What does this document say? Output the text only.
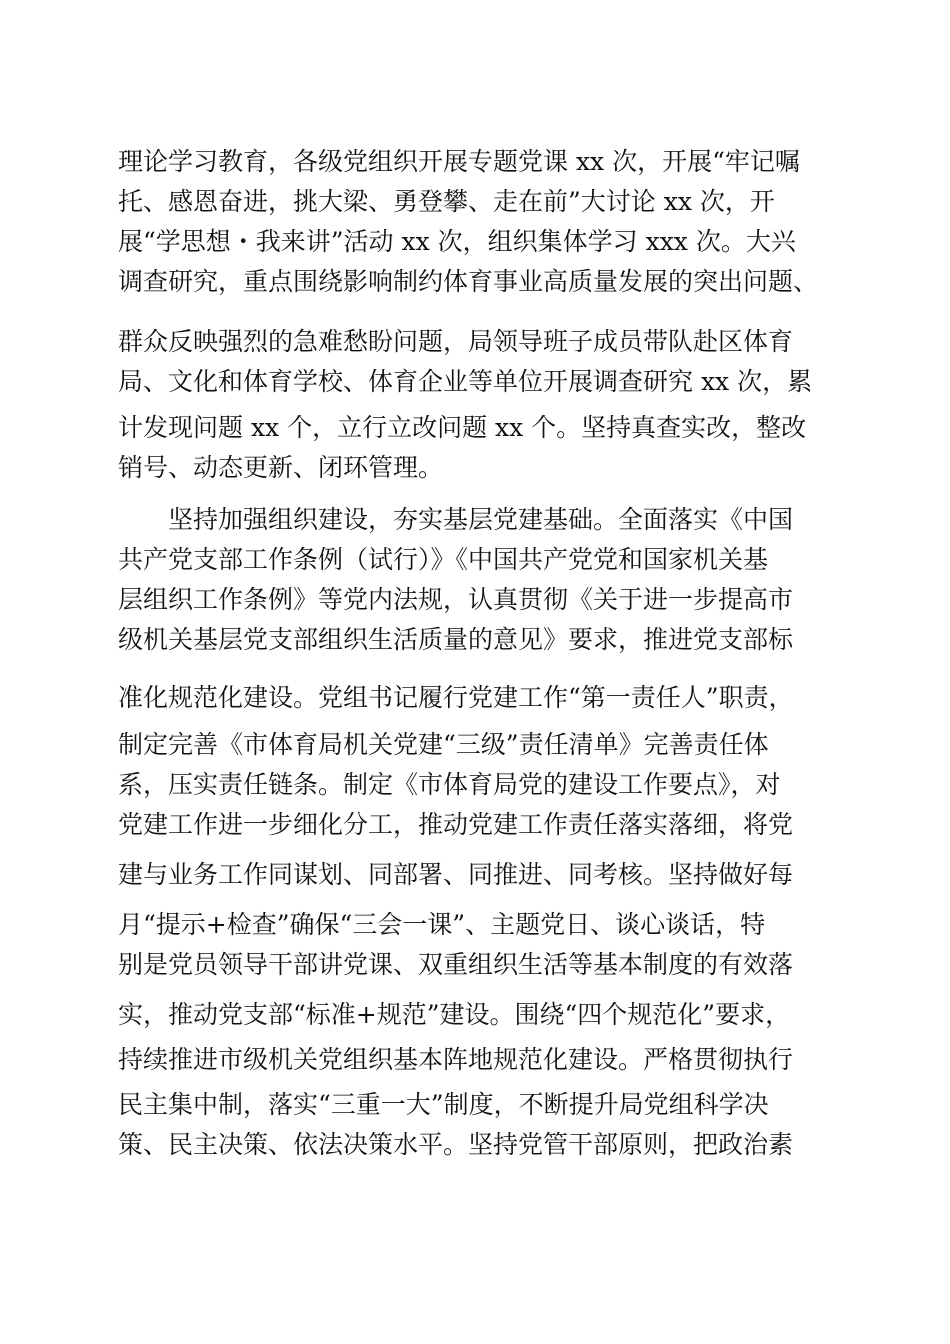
理论学习教育，各级党组织开展专题党课 xx 次，开展“牢记嘱
托、感恩奋进，挑大梁、勇登攀、走在前”大讨论 xx 次，开
展“学思想・我来讲”活动 xx 次，组织集体学习 xxx 次。大兴
调查研究，重点围绕影响制约体育事业高质量发展的突出问题、
群众反映强烈的急难愁盼问题，局领导班子成员带队赴区体育
局、文化和体育学校、体育企业等单位开展调查研究 xx 次，累
计发现问题 xx 个，立行立改问题 xx 个。坚持真查实改，整改
销号、动态更新、闭环管理。
坚持加强组织建设，夯实基层党建基础。全面落实《中国
共产党支部工作条例（试行）》《中国共产党党和国家机关基
层组织工作条例》等党内法规，认真贯彻《关于进一步提高市
级机关基层党支部组织生活质量的意见》要求，推进党支部标
准化规范化建设。党组书记履行党建工作“第一责任人”职责，
制定完善《市体育局机关党建“三级”责任清单》完善责任体
系，压实责任链条。制定《市体育局党的建设工作要点》，对
党建工作进一步细化分工，推动党建工作责任落实落细，将党
建与业务工作同谋划、同部署、同推进、同考核。坚持做好每
月“提示+检查”确保“三会一课”、主题党日、谈心谈话，特
别是党员领导干部讲党课、双重组织生活等基本制度的有效落
实，推动党支部“标准+规范”建设。围绕“四个规范化”要求，
持续推进市级机关党组织基本阵地规范化建设。严格贯彻执行
民主集中制，落实“三重一大”制度，不断提升局党组科学决
策、民主决策、依法决策水平。坚持党管干部原则，把政治素
